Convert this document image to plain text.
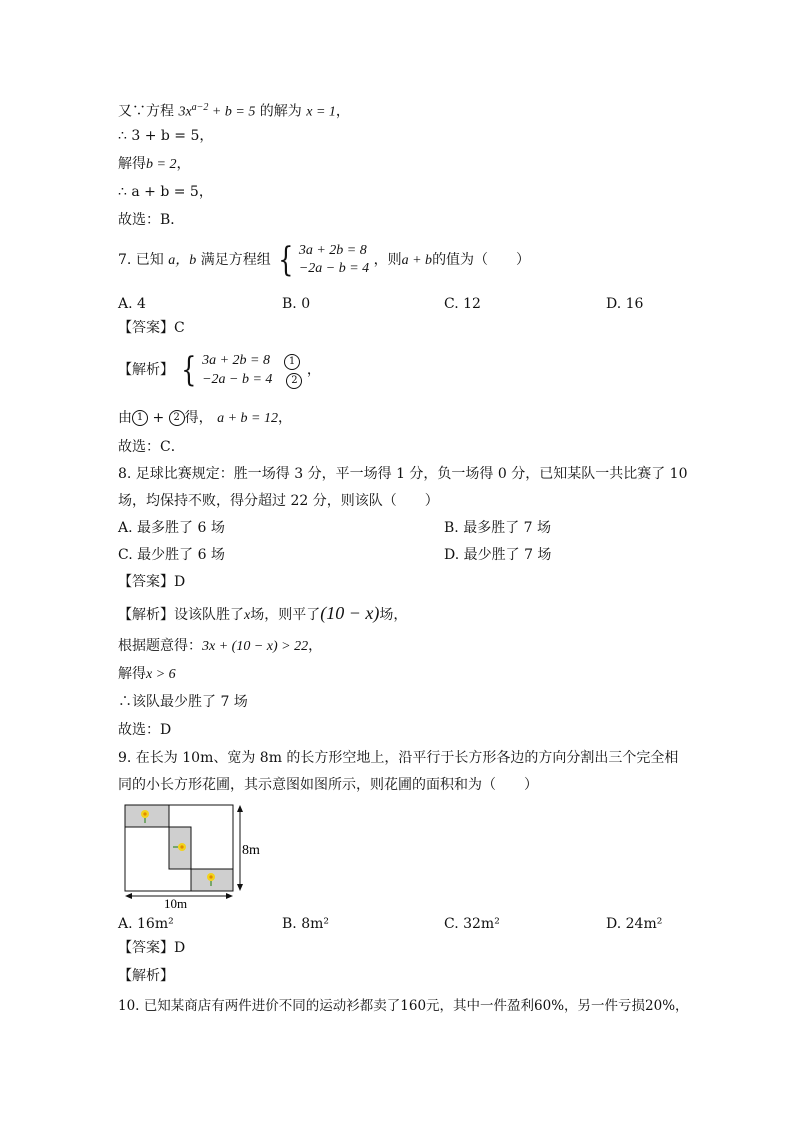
又∵方程 $3x^{a-2} + b = 5$ 的解为 x = 1，
∴ 3 + b = 5，
解得b = 2，
∴ a + b = 5，
故选：B．
7. 已知 a，b 满足方程组 { 3a + 2b = 8
−2a − b = 4
，则a + b的值为（　　）
A. 4	B. 0	C. 12	D. 16
【答案】C
【解析】 { 3a + 2b = 8 1
−2a − b = 4 2
，
由 1 + 2 得， a + b = 12，
故选：C．
8. 足球比赛规定：胜一场得 3 分，平一场得 1 分，负一场得 0 分，已知某队一共比赛了 10
场，均保持不败，得分超过 22 分，则该队（　　）
A. 最多胜了 6 场	B. 最多胜了 7 场
C. 最少胜了 6 场	D. 最少胜了 7 场
【答案】D
【解析】设该队胜了x场，则平了(10 − x)场，
根据题意得：3x + (10 − x) > 22，
解得x > 6
∴该队最少胜了 7 场
故选：D
9. 在长为 10m、宽为 8m 的长方形空地上，沿平行于长方形各边的方向分割出三个完全相
同的小长方形花圃，其示意图如图所示，则花圃的面积和为（　　）
8m
10m
A. 16m²	B. 8m²	C. 32m²	D. 24m²
【答案】D
【解析】
10. 已知某商店有两件进价不同的运动衫都卖了160元，其中一件盈利60%，另一件亏损20%，
